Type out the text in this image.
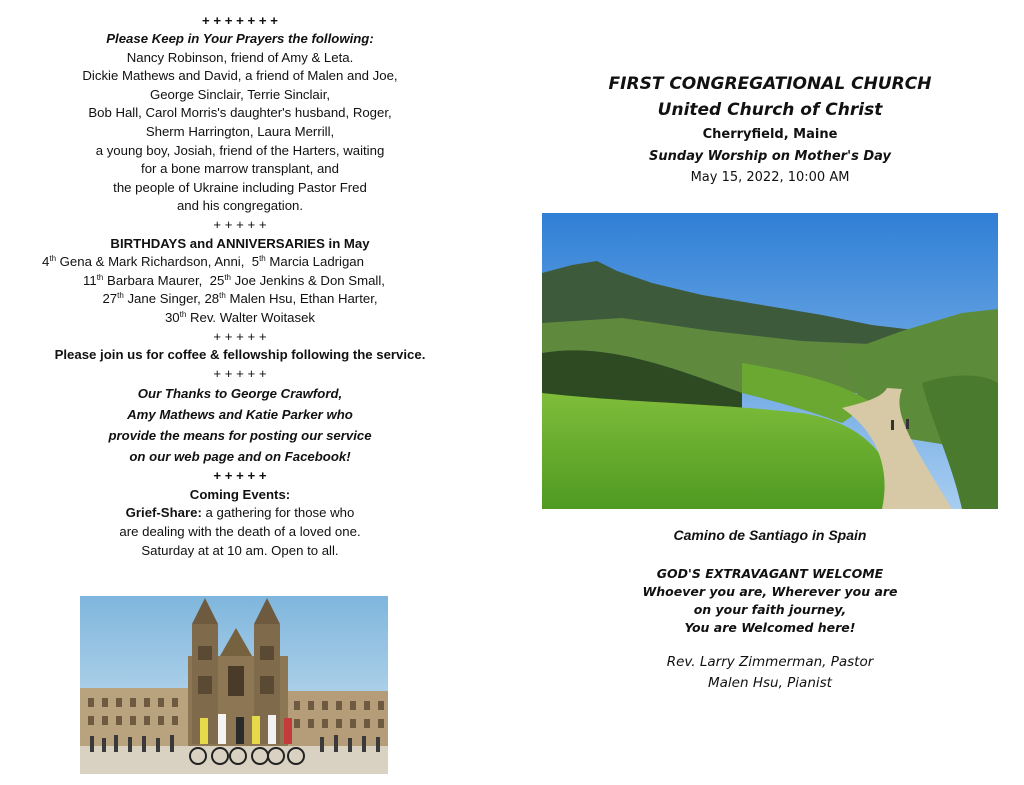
+ + + + + + +
Please Keep in Your Prayers the following:
Nancy Robinson, friend of Amy & Leta.
Dickie Mathews and David, a friend of Malen and Joe,
George Sinclair, Terrie Sinclair,
Bob Hall, Carol Morris's daughter's husband, Roger,
Sherm Harrington, Laura Merrill,
a young boy, Josiah, friend of the Harters, waiting
for a bone marrow transplant, and
the people of Ukraine including Pastor Fred
and his congregation.
+ + + + +
BIRTHDAYS and ANNIVERSARIES in May
4th Gena & Mark Richardson, Anni,  5th Marcia Ladrigan
11th Barbara Maurer,  25th Joe Jenkins & Don Small,
27th Jane Singer, 28th Malen Hsu, Ethan Harter,
30th Rev. Walter Woitasek
+ + + + +
Please join us for coffee & fellowship following the service.
+ + + + +
Our Thanks to George Crawford,
Amy Mathews and Katie Parker who
provide the means for posting our service
on our web page and on Facebook!
+ + + + +
Coming Events:
Grief-Share: a gathering for those who
are dealing with the death of a loved one.
Saturday at at 10 am. Open to all.
FIRST CONGREGATIONAL CHURCH
United Church of Christ
Cherryfield, Maine
Sunday Worship on Mother's Day
May 15, 2022, 10:00 AM
Camino de Santiago in Spain
GOD'S EXTRAVAGANT WELCOME
Whoever you are, Wherever you are
on your faith journey,
You are Welcomed here!
Rev. Larry Zimmerman, Pastor
Malen Hsu, Pianist
